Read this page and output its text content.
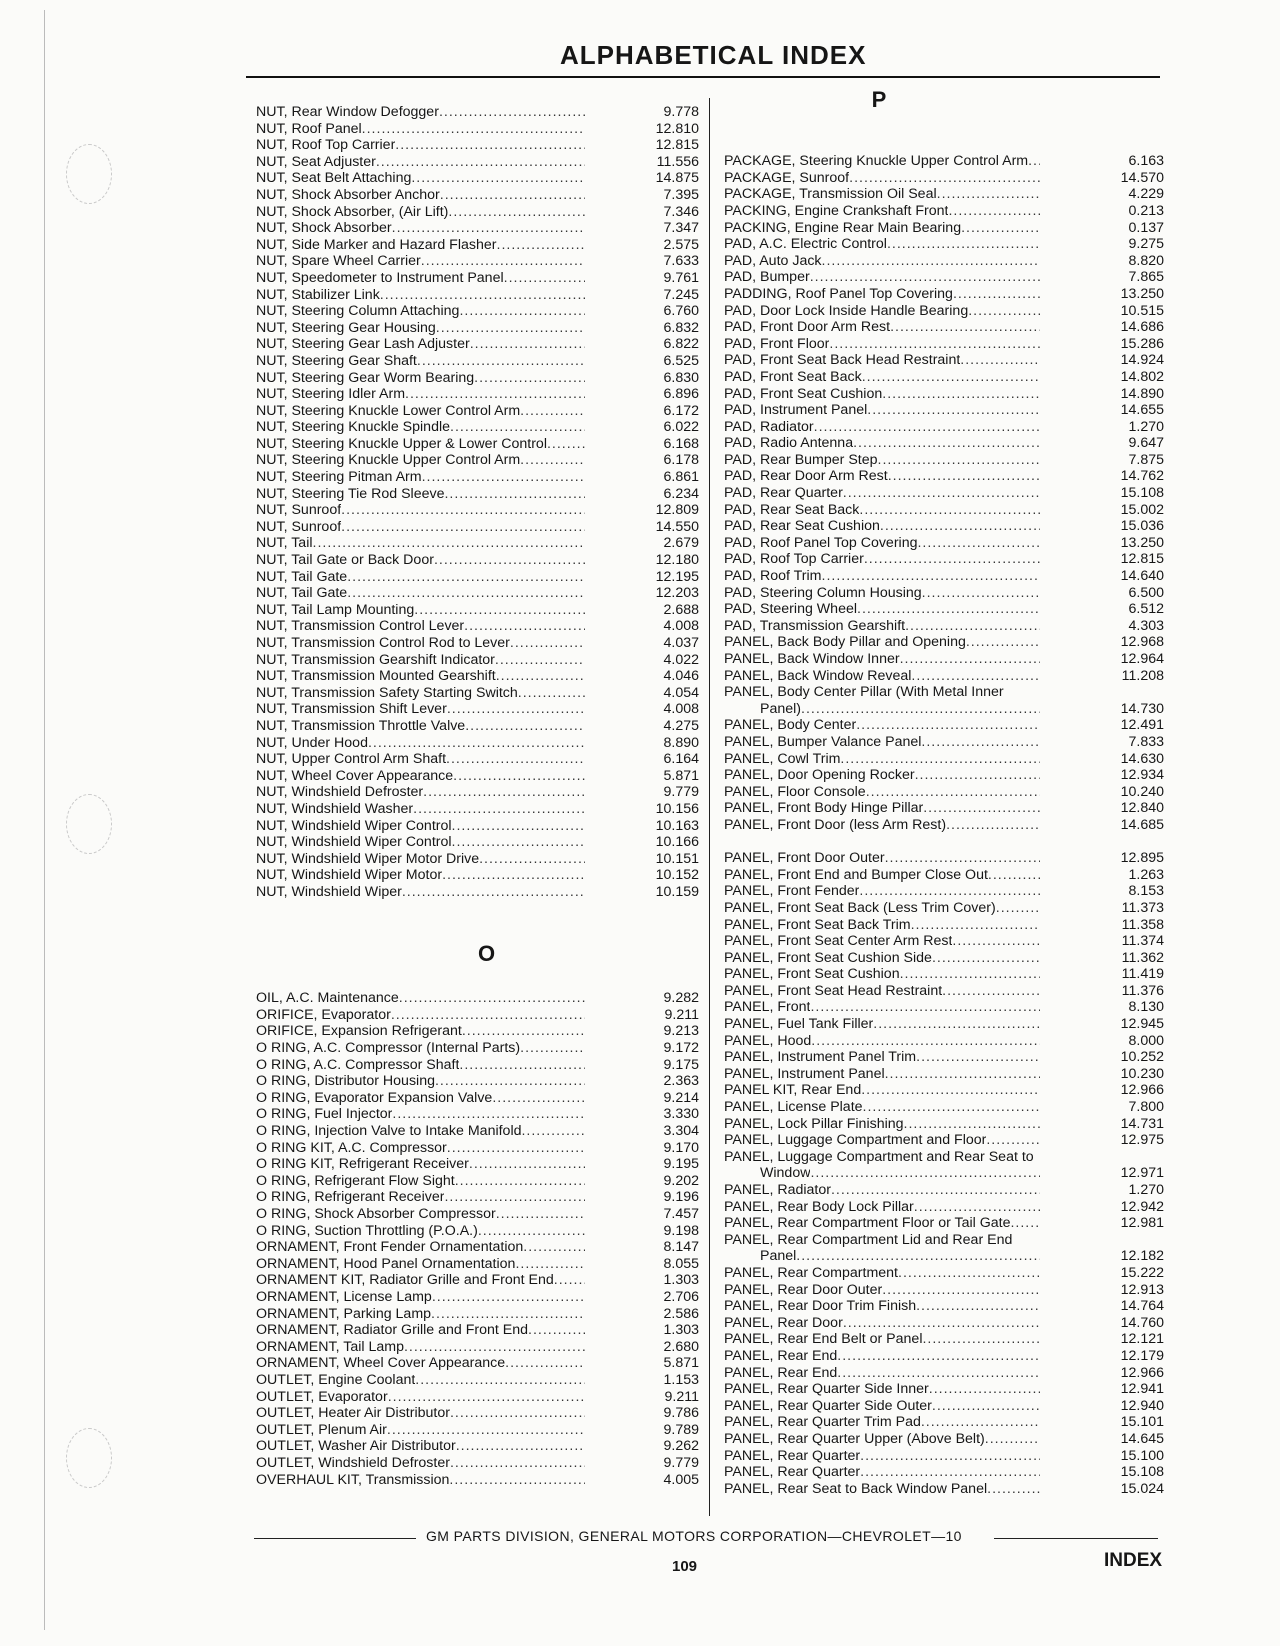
ALPHABETICAL INDEX
NUT, Rear Window Defogger .....	9.778
NUT, Roof Panel .....	12.810
NUT, Roof Top Carrier .....	12.815
NUT, Seat Adjuster .....	11.556
NUT, Seat Belt Attaching .....	14.875
NUT, Shock Absorber Anchor .....	7.395
NUT, Shock Absorber, (Air Lift) .....	7.346
NUT, Shock Absorber .....	7.347
NUT, Side Marker and Hazard Flasher .....	2.575
NUT, Spare Wheel Carrier .....	7.633
NUT, Speedometer to Instrument Panel .....	9.761
NUT, Stabilizer Link .....	7.245
NUT, Steering Column Attaching .....	6.760
NUT, Steering Gear Housing .....	6.832
NUT, Steering Gear Lash Adjuster .....	6.822
NUT, Steering Gear Shaft .....	6.525
NUT, Steering Gear Worm Bearing .....	6.830
NUT, Steering Idler Arm .....	6.896
NUT, Steering Knuckle Lower Control Arm .....	6.172
NUT, Steering Knuckle Spindle .....	6.022
NUT, Steering Knuckle Upper & Lower Control .....	6.168
NUT, Steering Knuckle Upper Control Arm .....	6.178
NUT, Steering Pitman Arm .....	6.861
NUT, Steering Tie Rod Sleeve .....	6.234
NUT, Sunroof .....	12.809
NUT, Sunroof .....	14.550
NUT, Tail .....	2.679
NUT, Tail Gate or Back Door .....	12.180
NUT, Tail Gate .....	12.195
NUT, Tail Gate .....	12.203
NUT, Tail Lamp Mounting .....	2.688
NUT, Transmission Control Lever .....	4.008
NUT, Transmission Control Rod to Lever .....	4.037
NUT, Transmission Gearshift Indicator .....	4.022
NUT, Transmission Mounted Gearshift .....	4.046
NUT, Transmission Safety Starting Switch .....	4.054
NUT, Transmission Shift Lever .....	4.008
NUT, Transmission Throttle Valve .....	4.275
NUT, Under Hood .....	8.890
NUT, Upper Control Arm Shaft .....	6.164
NUT, Wheel Cover Appearance .....	5.871
NUT, Windshield Defroster .....	9.779
NUT, Windshield Washer .....	10.156
NUT, Windshield Wiper Control .....	10.163
NUT, Windshield Wiper Control .....	10.166
NUT, Windshield Wiper Motor Drive .....	10.151
NUT, Windshield Wiper Motor .....	10.152
NUT, Windshield Wiper .....	10.159
O
OIL, A.C. Maintenance .....	9.282
ORIFICE, Evaporator .....	9.211
ORIFICE, Expansion Refrigerant .....	9.213
O RING, A.C. Compressor (Internal Parts) .....	9.172
O RING, A.C. Compressor Shaft .....	9.175
O RING, Distributor Housing .....	2.363
O RING, Evaporator Expansion Valve .....	9.214
O RING, Fuel Injector .....	3.330
O RING, Injection Valve to Intake Manifold .....	3.304
O RING KIT, A.C. Compressor .....	9.170
O RING KIT, Refrigerant Receiver .....	9.195
O RING, Refrigerant Flow Sight .....	9.202
O RING, Refrigerant Receiver .....	9.196
O RING, Shock Absorber Compressor .....	7.457
O RING, Suction Throttling (P.O.A.) .....	9.198
ORNAMENT, Front Fender Ornamentation .....	8.147
ORNAMENT, Hood Panel Ornamentation .....	8.055
ORNAMENT KIT, Radiator Grille and Front End .....	1.303
ORNAMENT, License Lamp .....	2.706
ORNAMENT, Parking Lamp .....	2.586
ORNAMENT, Radiator Grille and Front End .....	1.303
ORNAMENT, Tail Lamp .....	2.680
ORNAMENT, Wheel Cover Appearance .....	5.871
OUTLET, Engine Coolant .....	1.153
OUTLET, Evaporator .....	9.211
OUTLET, Heater Air Distributor .....	9.786
OUTLET, Plenum Air .....	9.789
OUTLET, Washer Air Distributor .....	9.262
OUTLET, Windshield Defroster .....	9.779
OVERHAUL KIT, Transmission .....	4.005
P
PACKAGE, Steering Knuckle Upper Control Arm .....	6.163
PACKAGE, Sunroof .....	14.570
PACKAGE, Transmission Oil Seal .....	4.229
PACKING, Engine Crankshaft Front .....	0.213
PACKING, Engine Rear Main Bearing .....	0.137
PAD, A.C. Electric Control .....	9.275
PAD, Auto Jack .....	8.820
PAD, Bumper .....	7.865
PADDING, Roof Panel Top Covering .....	13.250
PAD, Door Lock Inside Handle Bearing .....	10.515
PAD, Front Door Arm Rest .....	14.686
PAD, Front Floor .....	15.286
PAD, Front Seat Back Head Restraint .....	14.924
PAD, Front Seat Back .....	14.802
PAD, Front Seat Cushion .....	14.890
PAD, Instrument Panel .....	14.655
PAD, Radiator .....	1.270
PAD, Radio Antenna .....	9.647
PAD, Rear Bumper Step .....	7.875
PAD, Rear Door Arm Rest .....	14.762
PAD, Rear Quarter .....	15.108
PAD, Rear Seat Back .....	15.002
PAD, Rear Seat Cushion .....	15.036
PAD, Roof Panel Top Covering .....	13.250
PAD, Roof Top Carrier .....	12.815
PAD, Roof Trim .....	14.640
PAD, Steering Column Housing .....	6.500
PAD, Steering Wheel .....	6.512
PAD, Transmission Gearshift .....	4.303
PANEL, Back Body Pillar and Opening .....	12.968
PANEL, Back Window Inner .....	12.964
PANEL, Back Window Reveal .....	11.208
PANEL, Body Center Pillar (With Metal Inner
Panel) .....	14.730
PANEL, Body Center .....	12.491
PANEL, Bumper Valance Panel .....	7.833
PANEL, Cowl Trim .....	14.630
PANEL, Door Opening Rocker .....	12.934
PANEL, Floor Console .....	10.240
PANEL, Front Body Hinge Pillar .....	12.840
PANEL, Front Door (less Arm Rest) .....	14.685
PANEL, Front Door Outer .....	12.895
PANEL, Front End and Bumper Close Out .....	1.263
PANEL, Front Fender .....	8.153
PANEL, Front Seat Back (Less Trim Cover) .....	11.373
PANEL, Front Seat Back Trim .....	11.358
PANEL, Front Seat Center Arm Rest .....	11.374
PANEL, Front Seat Cushion Side .....	11.362
PANEL, Front Seat Cushion .....	11.419
PANEL, Front Seat Head Restraint .....	11.376
PANEL, Front .....	8.130
PANEL, Fuel Tank Filler .....	12.945
PANEL, Hood .....	8.000
PANEL, Instrument Panel Trim .....	10.252
PANEL, Instrument Panel .....	10.230
PANEL KIT, Rear End .....	12.966
PANEL, License Plate .....	7.800
PANEL, Lock Pillar Finishing .....	14.731
PANEL, Luggage Compartment and Floor .....	12.975
PANEL, Luggage Compartment and Rear Seat to
Window .....	12.971
PANEL, Radiator .....	1.270
PANEL, Rear Body Lock Pillar .....	12.942
PANEL, Rear Compartment Floor or Tail Gate .....	12.981
PANEL, Rear Compartment Lid and Rear End
Panel .....	12.182
PANEL, Rear Compartment .....	15.222
PANEL, Rear Door Outer .....	12.913
PANEL, Rear Door Trim Finish .....	14.764
PANEL, Rear Door .....	14.760
PANEL, Rear End Belt or Panel .....	12.121
PANEL, Rear End .....	12.179
PANEL, Rear End .....	12.966
PANEL, Rear Quarter Side Inner .....	12.941
PANEL, Rear Quarter Side Outer .....	12.940
PANEL, Rear Quarter Trim Pad .....	15.101
PANEL, Rear Quarter Upper (Above Belt) .....	14.645
PANEL, Rear Quarter .....	15.100
PANEL, Rear Quarter .....	15.108
PANEL, Rear Seat to Back Window Panel .....	15.024
GM PARTS DIVISION, GENERAL MOTORS CORPORATION—CHEVROLET—10
109	INDEX
